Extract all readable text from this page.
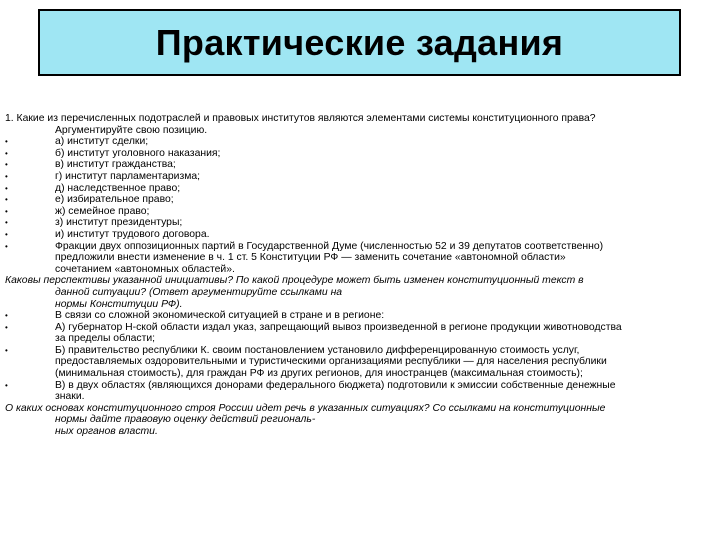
Практические задания
1. Какие из перечисленных подотраслей и правовых институтов являются элементами системы конституционного права?
Аргументируйте свою позицию.
•	а) институт сделки;
•	б) институт уголовного наказания;
•	в) институт гражданства;
•	г) институт парламентаризма;
•	д) наследственное право;
•	е) избирательное право;
•	ж) семейное право;
•	з) институт президентуры;
•	и) институт трудового договора.
•	Фракции двух оппозиционных партий в Государственной Думе (численностью 52 и 39 депутатов соответственно)
предложили внести изменение в ч. 1 ст. 5 Конституции РФ — заменить сочетание «автономной области»
сочетанием «автономных областей».
Каковы перспективы указанной инициативы? По какой процедуре может быть изменен конституционный текст в
данной ситуации? (Ответ аргументируйте ссылками на
нормы Конституции РФ).
•	В связи со сложной экономической ситуацией в стране и в регионе:
•	А) губернатор Н-ской области издал указ, запрещающий вывоз произведенной в регионе продукции животноводства
за пределы области;
•	Б) правительство республики К. своим постановлением установило дифференцированную стоимость услуг,
предоставляемых оздоровительными и туристическими организациями республики — для населения республики
(минимальная стоимость), для граждан РФ из других регионов, для иностранцев (максимальная стоимость);
•	В) в двух областях (являющихся донорами федерального бюджета) подготовили к эмиссии собственные денежные
знаки.
О каких основах конституционного строя России идет речь в указанных ситуациях? Со ссылками на конституционные
нормы дайте правовую оценку действий региональ-
ных органов власти.
